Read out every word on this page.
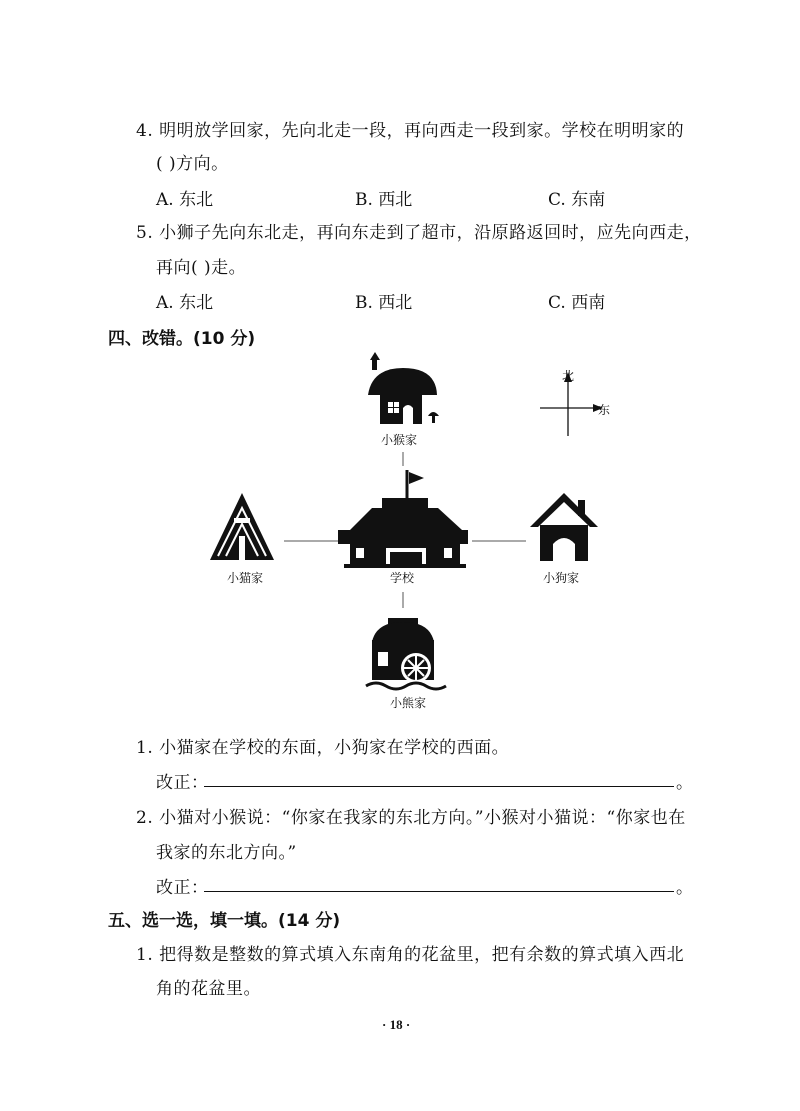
4. 明明放学回家，先向北走一段，再向西走一段到家。学校在明明家的
( )方向。
A. 东北	B. 西北	C. 东南
5. 小狮子先向东北走，再向东走到了超市，沿原路返回时，应先向西走，
再向( )走。
A. 东北	B. 西北	C. 西南
四、改错。(10 分)
北
东
小猴家
小猫家	学校	小狗家
小熊家
1. 小猫家在学校的东面，小狗家在学校的西面。
改正：	。
2. 小猫对小猴说：“你家在我家的东北方向。”小猴对小猫说：“你家也在
我家的东北方向。”
改正：	。
五、选一选，填一填。(14 分)
1. 把得数是整数的算式填入东南角的花盆里，把有余数的算式填入西北
角的花盆里。
· 18 ·
